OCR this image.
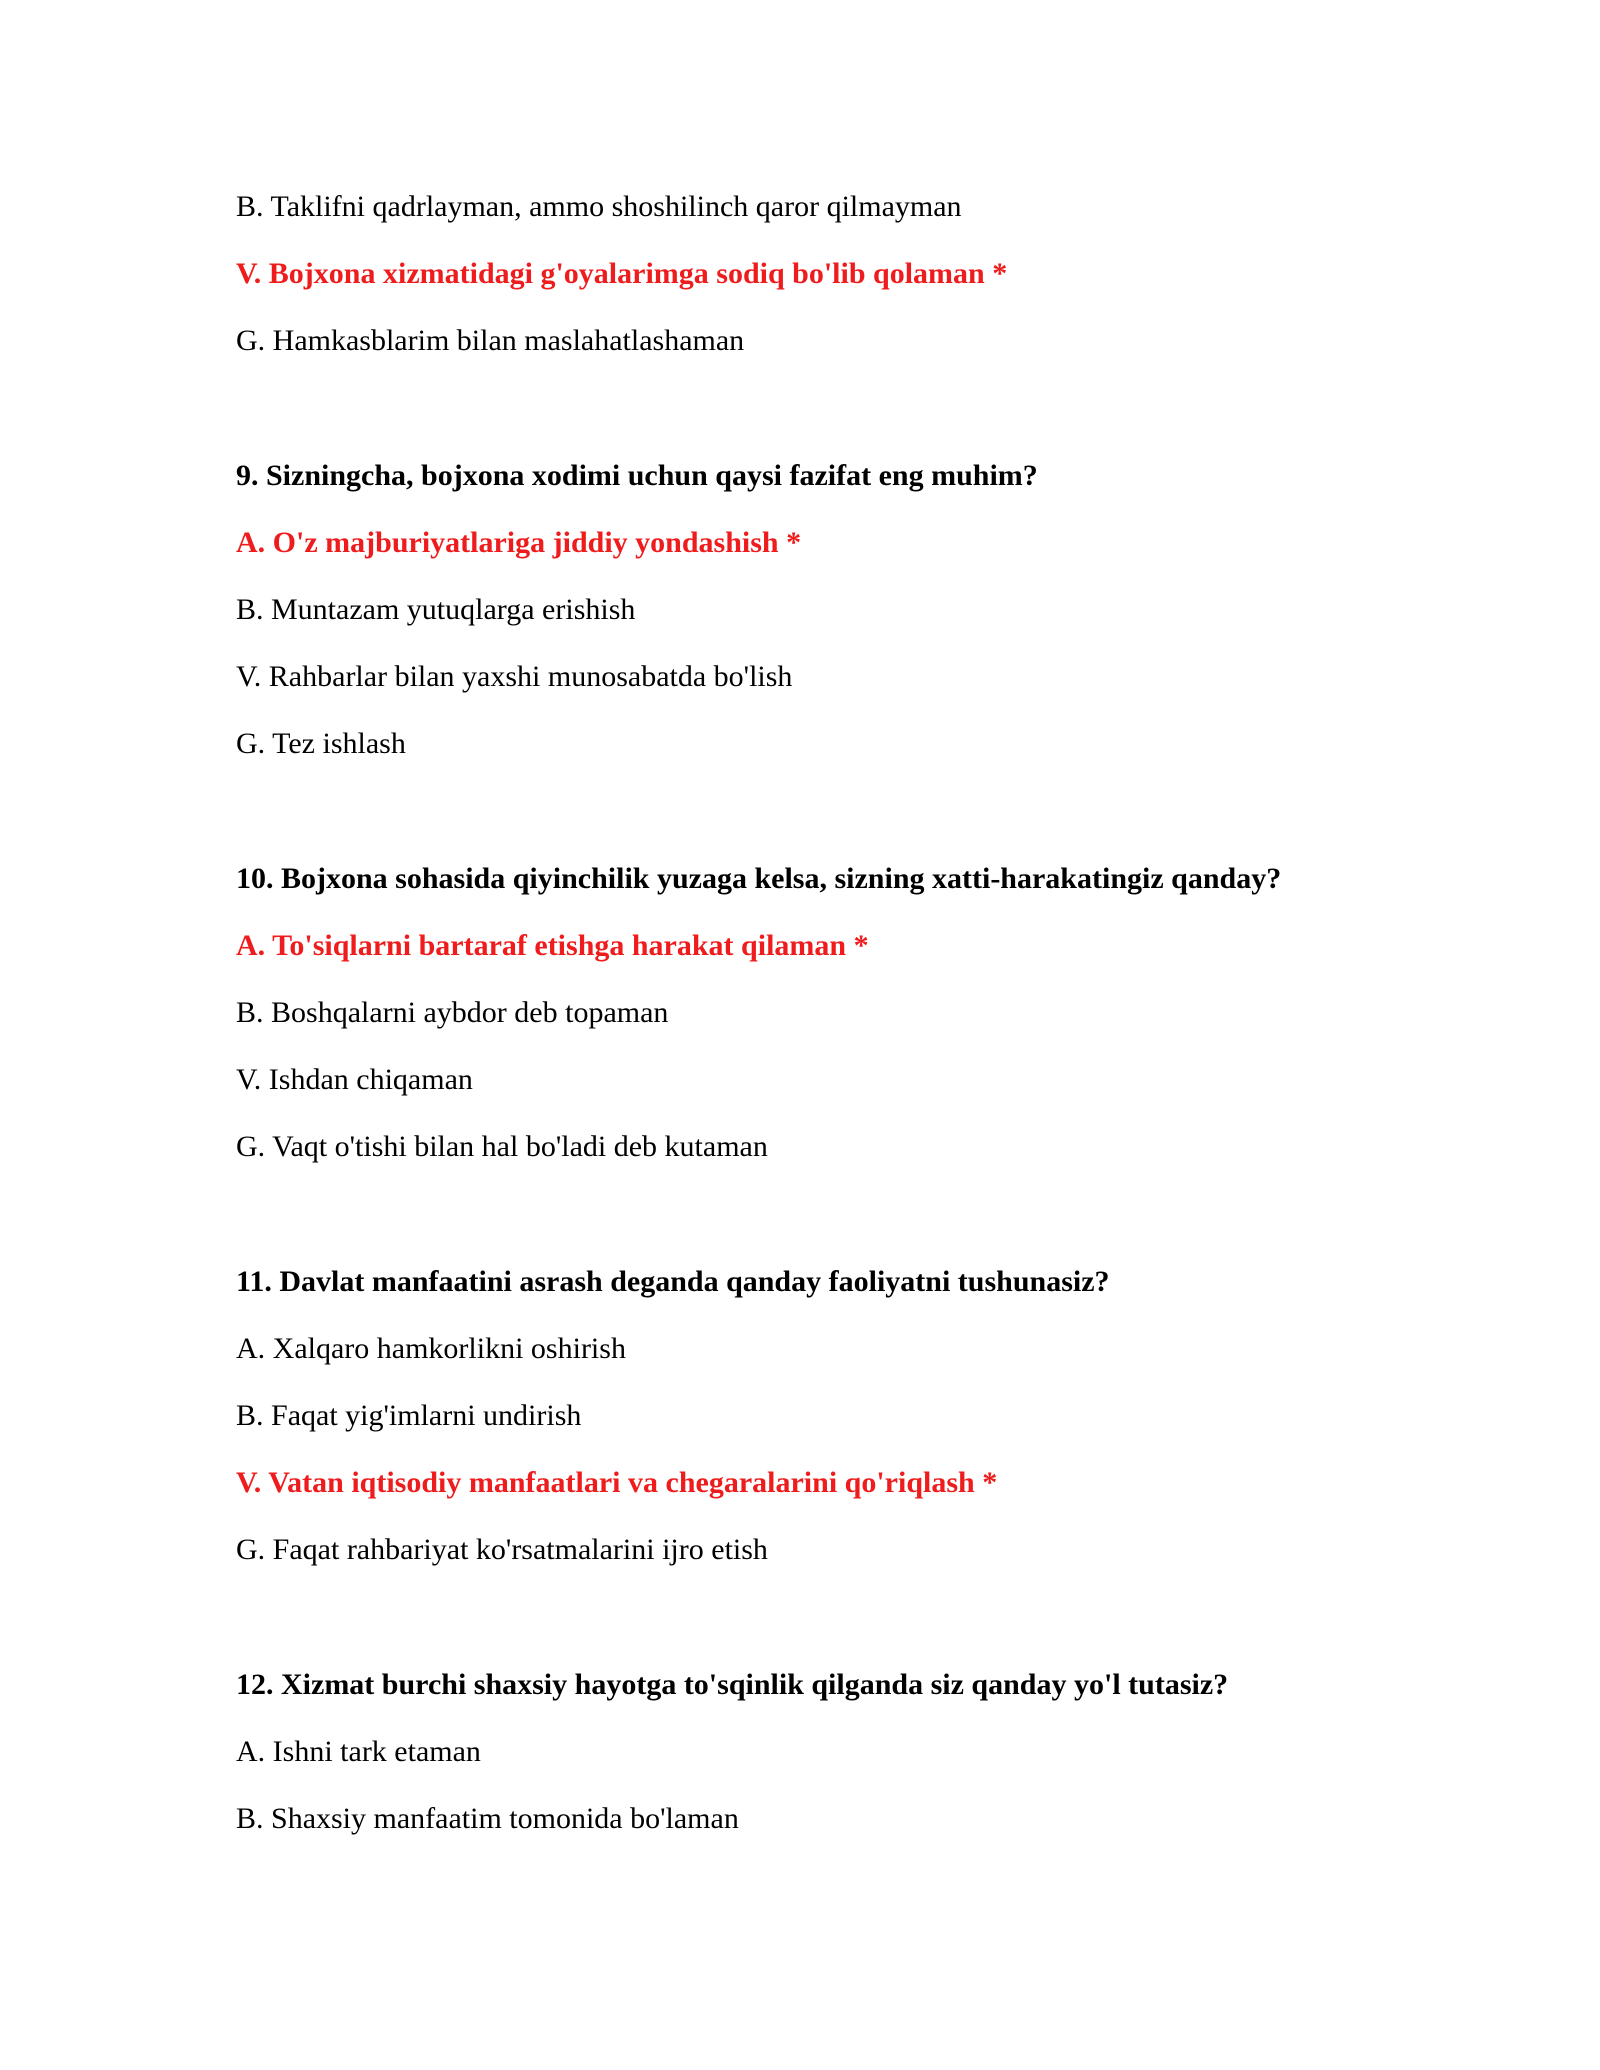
B. Taklifni qadrlayman, ammo shoshilinch qaror qilmayman

V. Bojxona xizmatidagi g'oyalarimga sodiq bo'lib qolaman *

G. Hamkasblarim bilan maslahatlashaman

9. Sizningcha, bojxona xodimi uchun qaysi fazifat eng muhim?

A. O'z majburiyatlariga jiddiy yondashish *

B. Muntazam yutuqlarga erishish

V. Rahbarlar bilan yaxshi munosabatda bo'lish

G. Tez ishlash

10. Bojxona sohasida qiyinchilik yuzaga kelsa, sizning xatti-harakatingiz qanday?

A. To'siqlarni bartaraf etishga harakat qilaman *

B. Boshqalarni aybdor deb topaman

V. Ishdan chiqaman

G. Vaqt o'tishi bilan hal bo'ladi deb kutaman

11. Davlat manfaatini asrash deganda qanday faoliyatni tushunasiz?

A. Xalqaro hamkorlikni oshirish

B. Faqat yig'imlarni undirish

V. Vatan iqtisodiy manfaatlari va chegaralarini qo'riqlash *

G. Faqat rahbariyat ko'rsatmalarini ijro etish

12. Xizmat burchi shaxsiy hayotga to'sqinlik qilganda siz qanday yo'l tutasiz?

A. Ishni tark etaman

B. Shaxsiy manfaatim tomonida bo'laman
